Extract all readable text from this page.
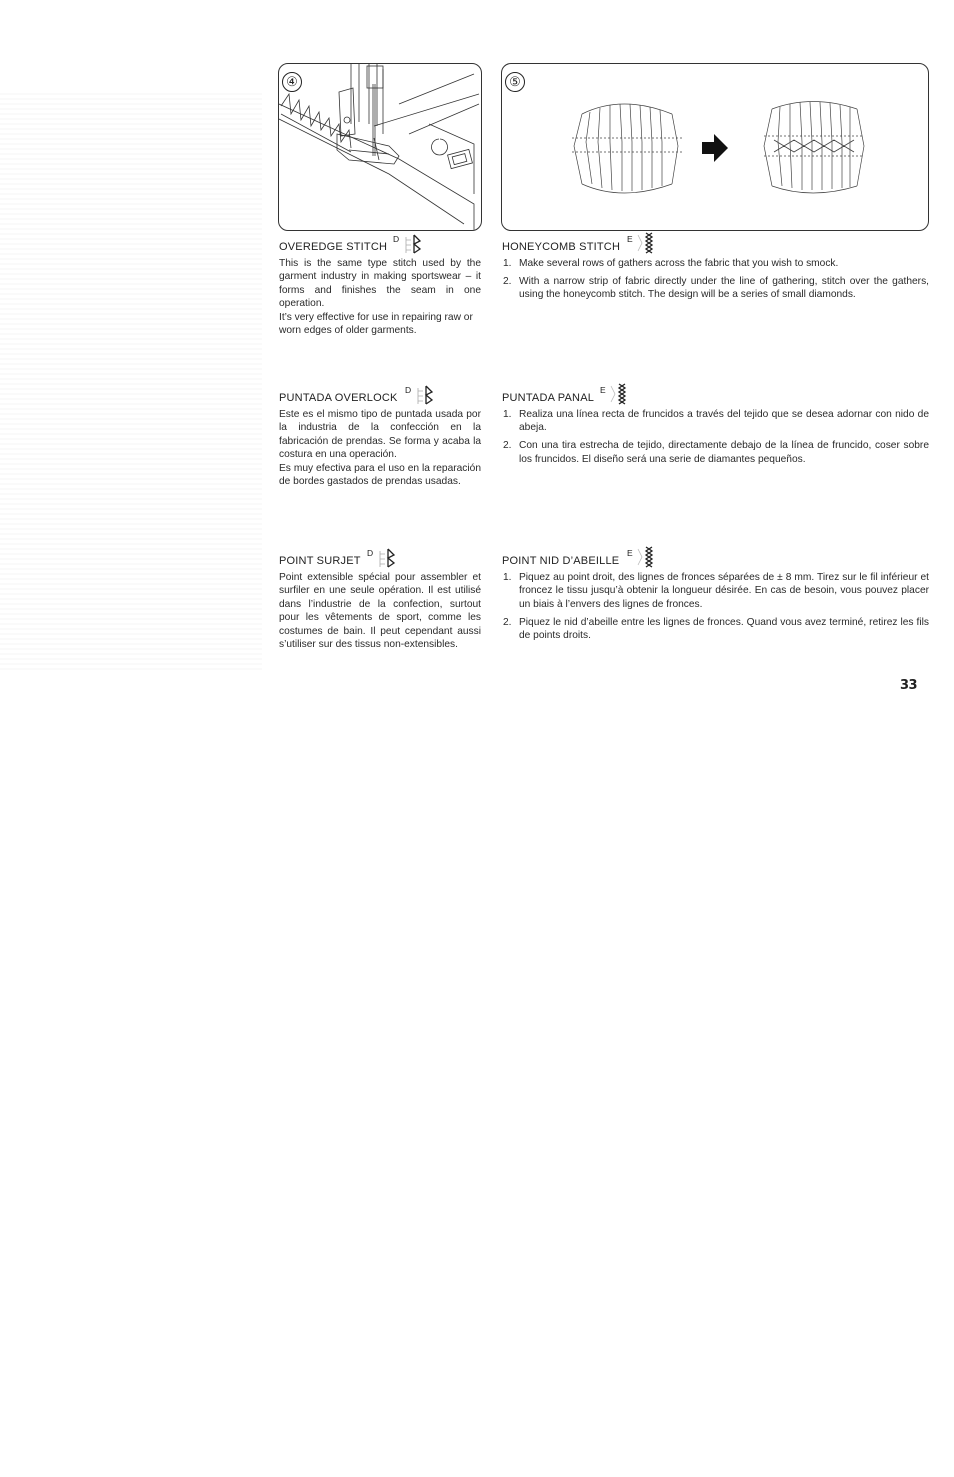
④	⑤
OVEREDGE STITCH
D

This is the same type stitch used by the garment industry in making sportswear – it forms and finishes the seam in one operation.

It’s very effective for use in repairing raw or worn edges of older garments.

HONEYCOMB STITCH
E
1. Make several rows of gathers across the fabric that you wish to smock.
2. With a narrow strip of fabric directly under the line of gathering, stitch over the gathers, using the honeycomb stitch. The design will be a series of small diamonds.
PUNTADA OVERLOCK
D

Este es el mismo tipo de puntada usada por la industria de la confección en la fabricación de prendas. Se forma y acaba la costura en una operación.

Es muy efectiva para el uso en la reparación de bordes gastados de prendas usadas.

PUNTADA PANAL
E
1. Realiza una línea recta de fruncidos a través del tejido que se desea adornar con nido de abeja.
2. Con una tira estrecha de tejido, directamente debajo de la línea de fruncido, coser sobre los fruncidos. El diseño será una serie de diamantes pequeños.
POINT SURJET
D

Point extensible spécial pour assembler et surfiler en une seule opération. Il est utilisé dans l’industrie de la confection, surtout pour les vêtements de sport, comme les costumes de bain. Il peut cependant aussi s’utiliser sur des tissus non-extensibles.

POINT NID D’ABEILLE
E
1. Piquez au point droit, des lignes de fronces séparées de ± 8 mm. Tirez sur le fil inférieur et froncez le tissu jusqu’à obtenir la longueur désirée. En cas de besoin, vous pouvez placer un biais à l’envers des lignes de fronces.
2. Piquez le nid d’abeille entre les lignes de fronces. Quand vous avez terminé, retirez les fils de points droits.
33
